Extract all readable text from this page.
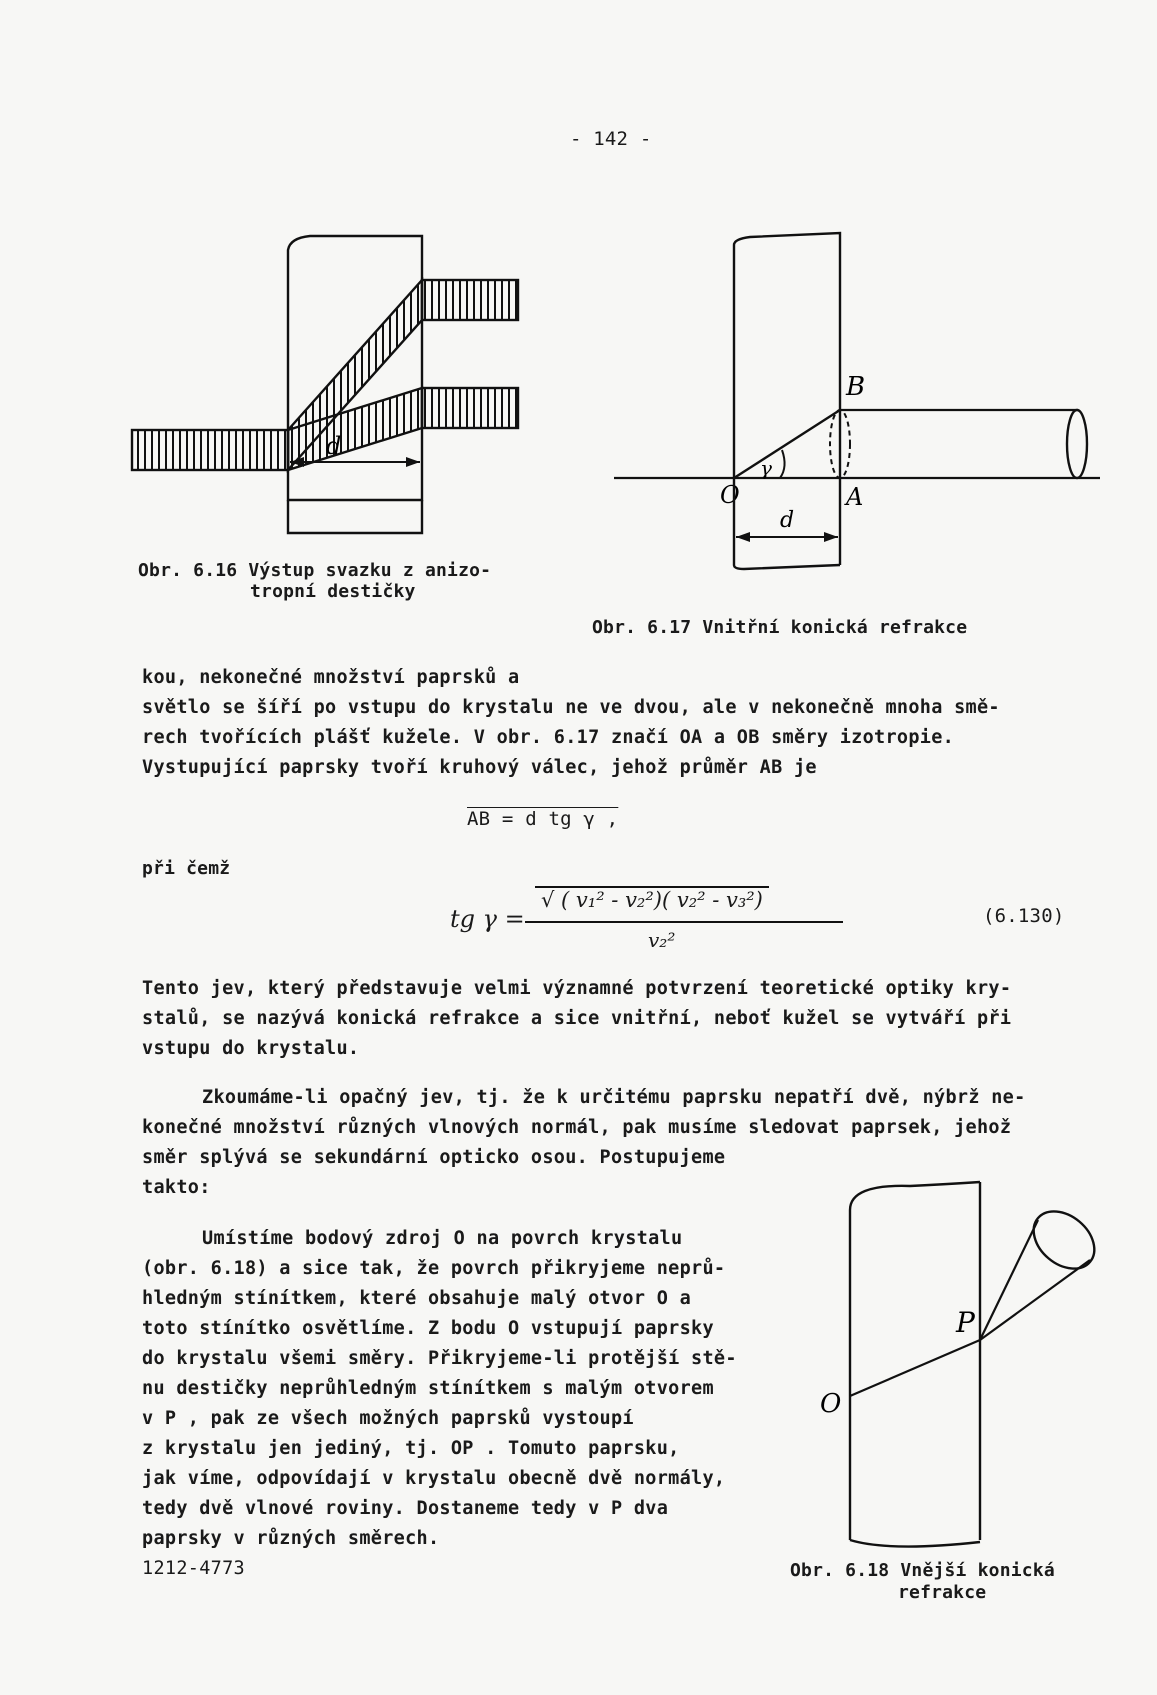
- 142 -
d
Obr. 6.16 Výstup svazku z anizo-
tropní destičky
γ
B
O	A
d
Obr. 6.17 Vnitřní konická refrakce
kou, nekonečné množství paprsků a
světlo se šíří po vstupu do krystalu ne ve dvou, ale v nekonečně mnoha smě-
rech tvořících plášť kužele. V obr. 6.17 značí OA a OB směry izotropie.
Vystupující paprsky tvoří kruhový válec, jehož průměr AB je
AB = d tg γ ,
při čemž
tg γ =
√ ( v₁² - v₂²)( v₂² - v₃²)
v₂²
(6.130)
Tento jev, který představuje velmi významné potvrzení teoretické optiky kry-
stalů, se nazývá konická refrakce a sice vnitřní, neboť kužel se vytváří při
vstupu do krystalu.
Zkoumáme-li opačný jev, tj. že k určitému paprsku nepatří dvě, nýbrž ne-
konečné množství různých vlnových normál, pak musíme sledovat paprsek, jehož
směr splývá se sekundární opticko osou. Postupujeme
takto:
Umístíme bodový zdroj O na povrch krystalu
(obr. 6.18) a sice tak, že povrch přikryjeme neprů-
hledným stínítkem, které obsahuje malý otvor O a
toto stínítko osvětlíme. Z bodu O vstupují paprsky
do krystalu všemi směry. Přikryjeme-li protější stě-
nu destičky neprůhledným stínítkem s malým otvorem
v P , pak ze všech možných paprsků vystoupí
z krystalu jen jediný, tj. OP . Tomuto paprsku,
jak víme, odpovídají v krystalu obecně dvě normály,
tedy dvě vlnové roviny. Dostaneme tedy v P dva
paprsky v různých směrech.
1212-4773
P
O
Obr. 6.18 Vnější konická
refrakce
